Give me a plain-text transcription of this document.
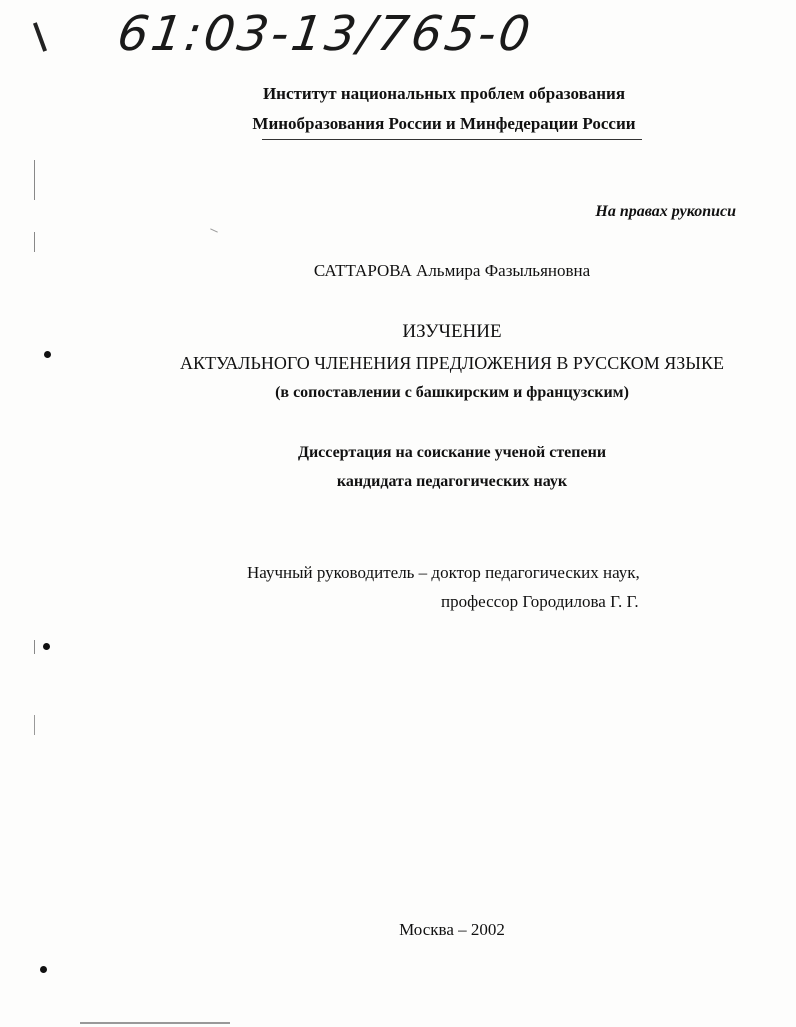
61:03-13/765-0
Институт национальных проблем образования
Минобразования России и Минфедерации России
На правах рукописи
САТТАРОВА Альмира Фазыльяновна
ИЗУЧЕНИЕ
АКТУАЛЬНОГО ЧЛЕНЕНИЯ ПРЕДЛОЖЕНИЯ В РУССКОМ ЯЗЫКЕ
(в сопоставлении с башкирским и французским)
Диссертация на соискание ученой степени
кандидата педагогических наук
Научный руководитель – доктор педагогических наук,
профессор Городилова Г. Г.
Москва – 2002
